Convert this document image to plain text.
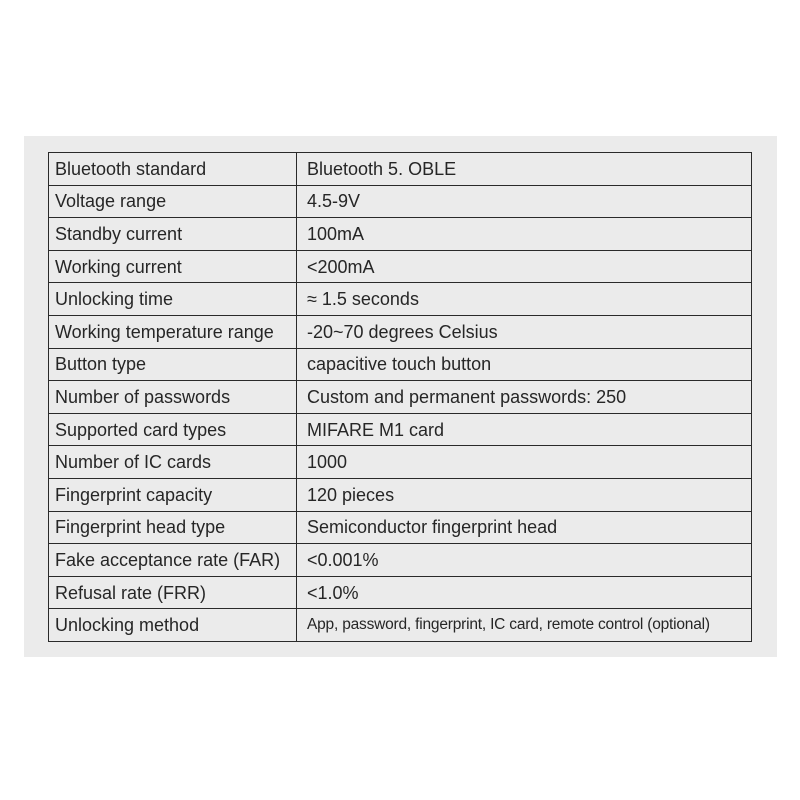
Bluetooth standard	Bluetooth 5. OBLE
Voltage range	4.5-9V
Standby current	100mA
Working current	<200mA
Unlocking time	≈ 1.5 seconds
Working temperature range	-20~70 degrees Celsius
Button type	capacitive touch button
Number of passwords	Custom and permanent passwords: 250
Supported card types	MIFARE M1 card
Number of IC cards	1000
Fingerprint capacity	120 pieces
Fingerprint head type	Semiconductor fingerprint head
Fake acceptance rate (FAR)	<0.001%
Refusal rate (FRR)	<1.0%
Unlocking method	App, password, fingerprint, IC card, remote control (optional)
